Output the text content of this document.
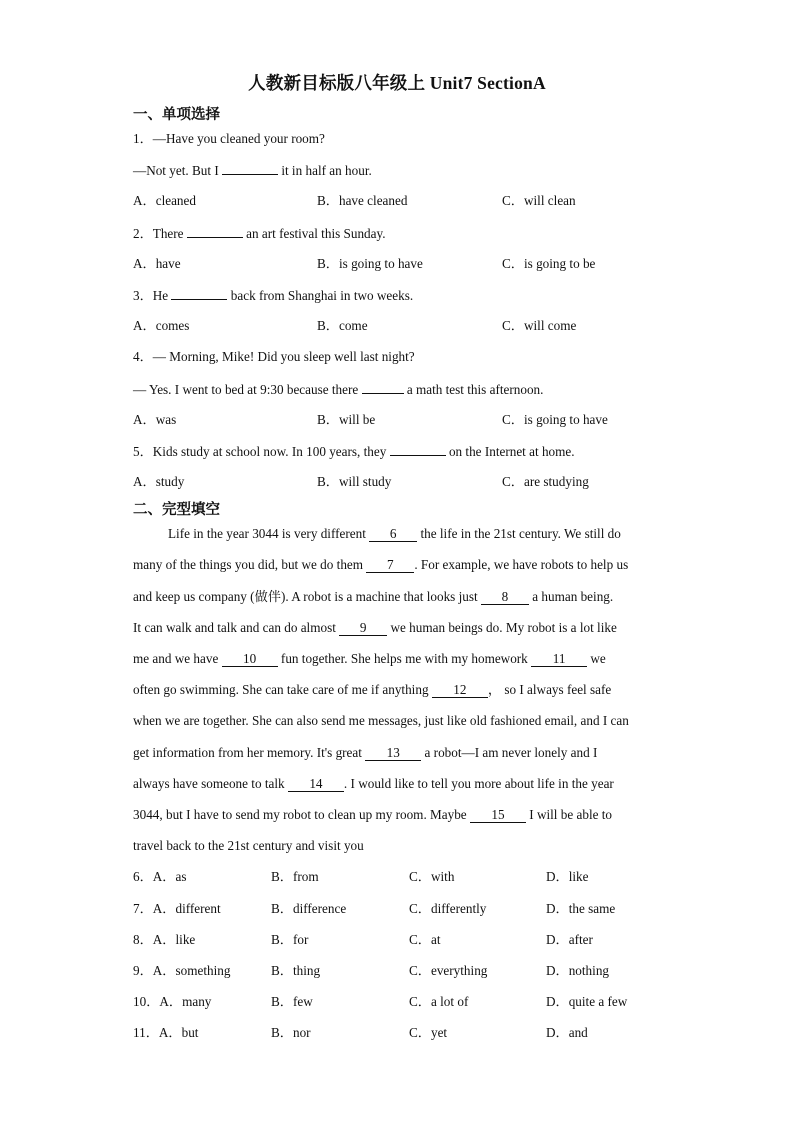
人教新目标版八年级上 Unit7 SectionA
一、单项选择
1．—Have you cleaned your room?
—Not yet. But I	it in half an hour.
A．cleaned	B．have cleaned	C．will clean
2．There	an art festival this Sunday.
A．have	B．is going to have	C．is going to be
3．He	back from Shanghai in two weeks.
A．comes	B．come	C．will come
4．— Morning, Mike! Did you sleep well last night?
— Yes. I went to bed at 9:30 because there	a math test this afternoon.
A．was	B．will be	C．is going to have
5．Kids study at school now. In 100 years, they	on the Internet at home.
A．study	B．will study	C．are studying
二、完型填空
Life in the year 3044 is very different 6 the life in the 21st century. We still do
many of the things you did, but we do them 7 . For example, we have robots to help us
and keep us company (做伴). A robot is a machine that looks just 8 a human being.
It can walk and talk and can do almost 9 we human beings do. My robot is a lot like
me and we have 10 fun together. She helps me with my homework 11 we
often go swimming. She can take care of me if anything 12 ， so I always feel safe
when we are together. She can also send me messages, just like old fashioned email, and I can
get information from her memory. It's great 13 a robot—I am never lonely and I
always have someone to talk 14 . I would like to tell you more about life in the year
3044, but I have to send my robot to clean up my room. Maybe 15 I will be able to
travel back to the 21st century and visit you
6．A．as	B．from	C．with	D．like
7．A．different	B．difference	C．differently	D．the same
8．A．like	B．for	C．at	D．after
9．A．something	B．thing	C．everything	D．nothing
10．A．many	B．few	C．a lot of	D．quite a few
11．A．but	B．nor	C．yet	D．and
